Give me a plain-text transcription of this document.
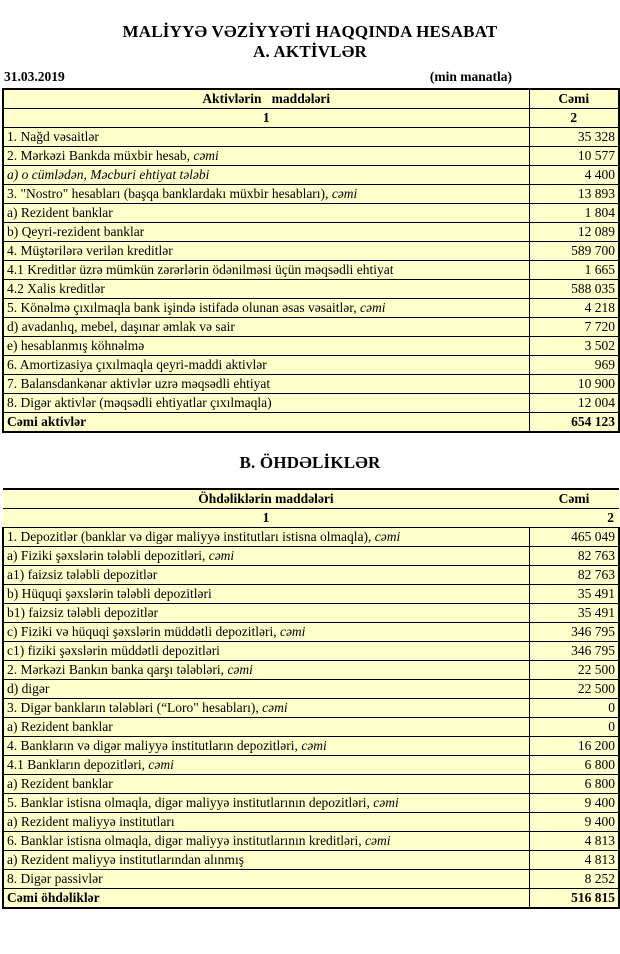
MALİYYƏ VƏZİYYƏTİ HAQQINDA HESABAT
A. AKTİVLƏR
31.03.2019	(min manatla)
Aktivlərin   maddələri	Cəmi
1	2
1. Nağd vəsaitlər	35 328
2. Mərkəzi Bankda müxbir hesab, cəmi	10 577
a) o cümlədən, Məcburi ehtiyat tələbi	4 400
3. "Nostro" hesabları (başqa banklardakı müxbir hesabları), cəmi	13 893
a) Rezident banklar	1 804
b) Qeyri-rezident banklar	12 089
4. Müştərilərə verilən kreditlər	589 700
4.1 Kreditlər üzrə mümkün zərərlərin ödənilməsi üçün məqsədli ehtiyat	1 665
4.2 Xalis kreditlər	588 035
5. Könəlmə çıxılmaqla bank işində istifadə olunan əsas vəsaitlər, cəmi	4 218
d) avadanlıq, mebel, daşınar əmlak və sair	7 720
e) hesablanmış köhnəlmə	3 502
6. Amortizasiya çıxılmaqla qeyri-maddi aktivlər	969
7. Balansdankənar aktivlər uzrə məqsədli ehtiyat	10 900
8. Digər aktivlər (məqsədli ehtiyatlar çıxılmaqla)	12 004
Cəmi aktivlər	654 123
B. ÖHDƏLİKLƏR
Öhdəliklərin maddələri	Cəmi
1	2
1. Depozitlər (banklar və digər maliyyə institutları istisna olmaqla), cəmi	465 049
a) Fiziki şəxslərin tələbli depozitləri, cəmi	82 763
a1) faizsiz tələbli depozitlər	82 763
b) Hüquqi şəxslərin tələbli depozitləri	35 491
b1) faizsiz tələbli depozitlər	35 491
c) Fiziki və hüquqi şəxslərin müddətli depozitləri, cəmi	346 795
c1) fiziki şəxslərin müddətli depozitləri	346 795
2. Mərkəzi Bankın banka qarşı tələbləri, cəmi	22 500
d) digər	22 500
3. Digər bankların tələbləri (“Loro" hesabları), cəmi	0
a) Rezident banklar	0
4. Bankların və digər maliyyə institutların depozitləri, cəmi	16 200
4.1 Bankların depozitləri, cəmi	6 800
a) Rezident banklar	6 800
5. Banklar istisna olmaqla, digər maliyyə institutlarının depozitləri, cəmi	9 400
a) Rezident maliyyə institutları	9 400
6. Banklar istisna olmaqla, digər maliyyə institutlarının kreditləri, cəmi	4 813
a) Rezident maliyyə institutlarından alınmış	4 813
8. Digər passivlər	8 252
Cəmi öhdəliklər	516 815
